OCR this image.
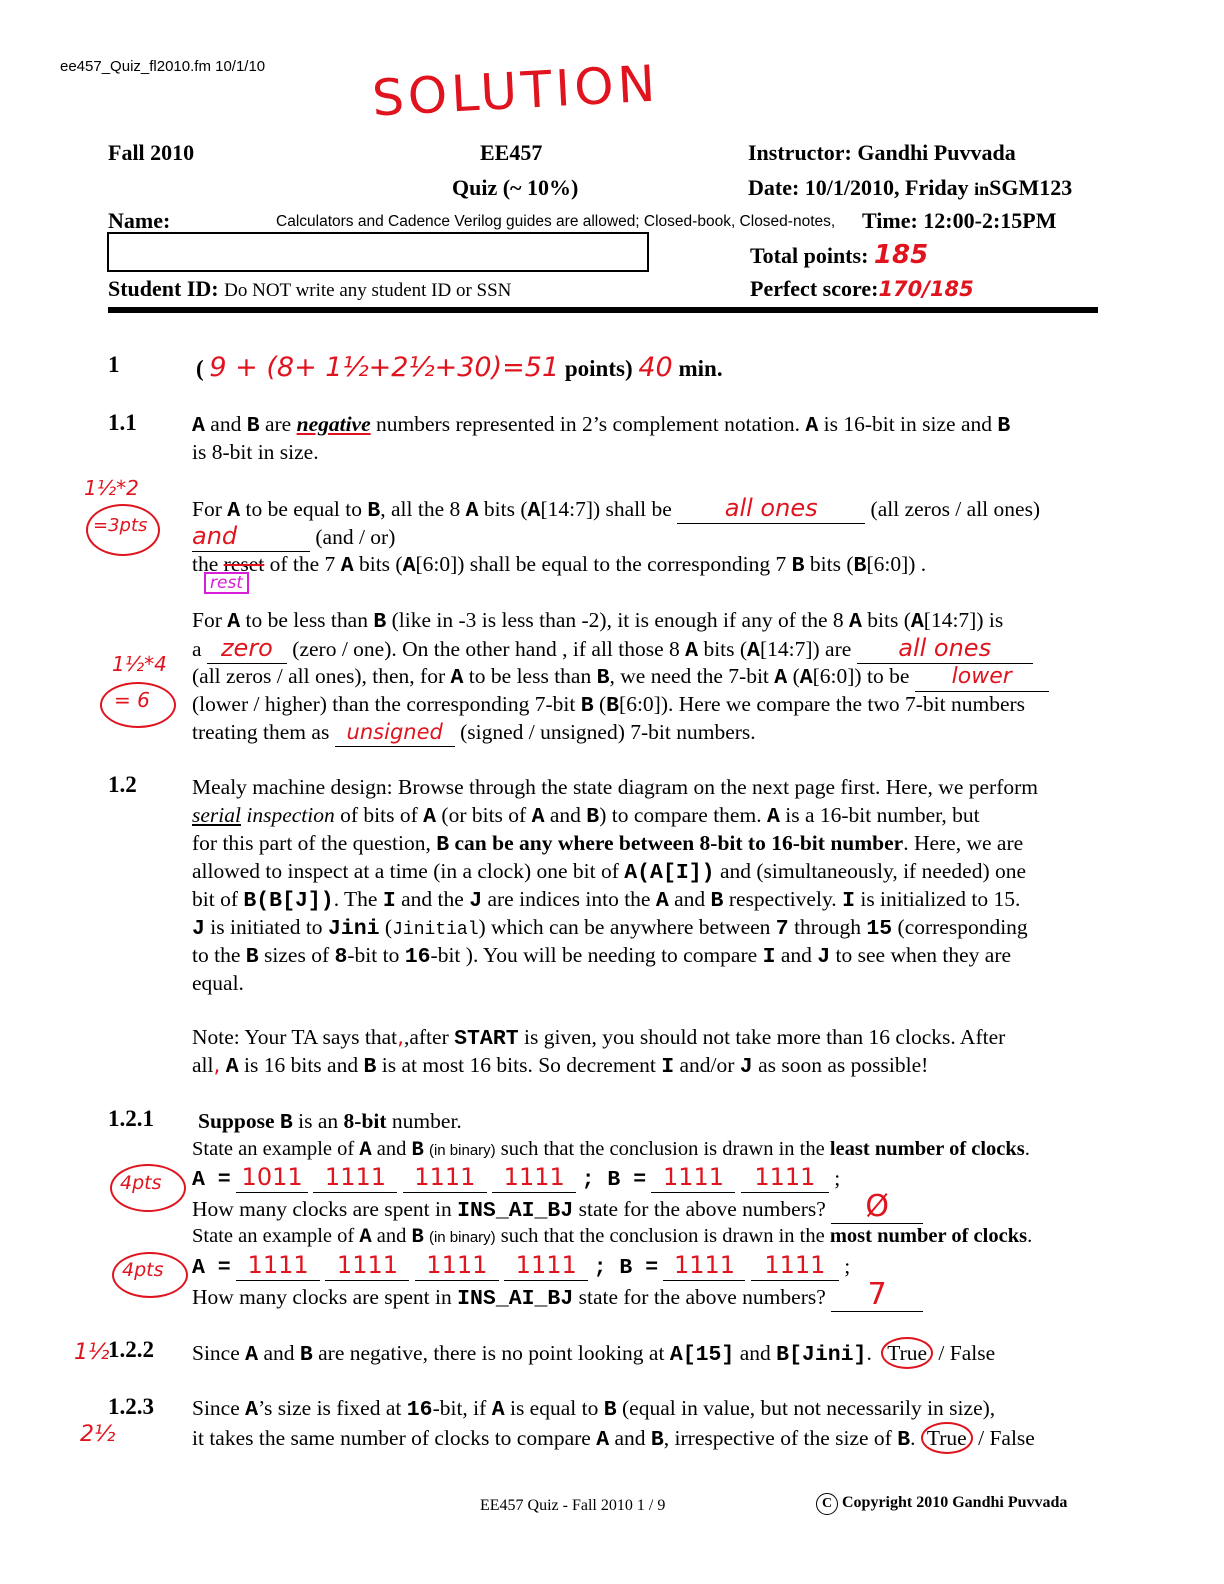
ee457_Quiz_fl2010.fm 10/1/10 SOLUTION
Fall 2010	EE457	Instructor: Gandhi Puvvada
Quiz (~ 10%)	Date: 10/1/2010, Friday inSGM123
Name:	Calculators and Cadence Verilog guides are allowed; Closed-book, Closed-notes, Time: 12:00-2:15PM
Total points: 185
Student ID: Do NOT write any student ID or SSN	Perfect score:170/185
1	( 9 + (8+ 1½+2½+30)=51 points) 40 min.
1.1	A and B are negative numbers represented in 2’s complement notation. A is 16-bit in size and B
is 8-bit in size.
1½*2
=3pts
For A to be equal to B, all the 8 A bits (A[14:7]) shall be all ones (all zeros / all ones)
and	(and / or)
the reset of the 7 A bits (A[6:0]) shall be equal to the corresponding 7 B bits (B[6:0]) .
rest
1½*4
= 6
For A to be less than B (like in -3 is less than -2), it is enough if any of the 8 A bits (A[14:7]) is
a zero (zero / one). On the other hand , if all those 8 A bits (A[14:7]) are all ones
(all zeros / all ones), then, for A to be less than B, we need the 7-bit A (A[6:0]) to be lower
(lower / higher) than the corresponding 7-bit B (B[6:0]). Here we compare the two 7-bit numbers
treating them as unsigned (signed / unsigned) 7-bit numbers.
1.2	Mealy machine design: Browse through the state diagram on the next page first. Here, we perform
serial inspection of bits of A (or bits of A and B) to compare them. A is a 16-bit number, but
for this part of the question, B can be any where between 8-bit to 16-bit number. Here, we are
allowed to inspect at a time (in a clock) one bit of A(A[I]) and (simultaneously, if needed) one
bit of B(B[J]). The I and the J are indices into the A and B respectively. I is initialized to 15.
J is initiated to Jini (Jinitial) which can be anywhere between 7 through 15 (corresponding
to the B sizes of 8-bit to 16-bit ). You will be needing to compare I and J to see when they are
equal.
Note: Your TA says that,,after START is given, you should not take more than 16 clocks. After
all, A is 16 bits and B is at most 16 bits. So decrement I and/or J as soon as possible!
1.2.1 Suppose B is an 8-bit number.
State an example of A and B (in binary) such that the conclusion is drawn in the least number of clocks.
4pts A = 1011 1111 1111 1111 ; B = 1111 1111 ;
How many clocks are spent in INS_AI_BJ state for the above numbers? Ø
State an example of A and B (in binary) such that the conclusion is drawn in the most number of clocks.
4pts A = 1111 1111 1111 1111 ; B = 1111 1111 ;
How many clocks are spent in INS_AI_BJ state for the above numbers? 7
1½
1.2.2 Since A and B are negative, there is no point looking at A[15] and B[Jini]. True / False
2½
1.2.3 Since A’s size is fixed at 16-bit, if A is equal to B (equal in value, but not necessarily in size),
it takes the same number of clocks to compare A and B, irrespective of the size of B. True / False
EE457 Quiz - Fall 2010 1 / 9	C Copyright 2010 Gandhi Puvvada
